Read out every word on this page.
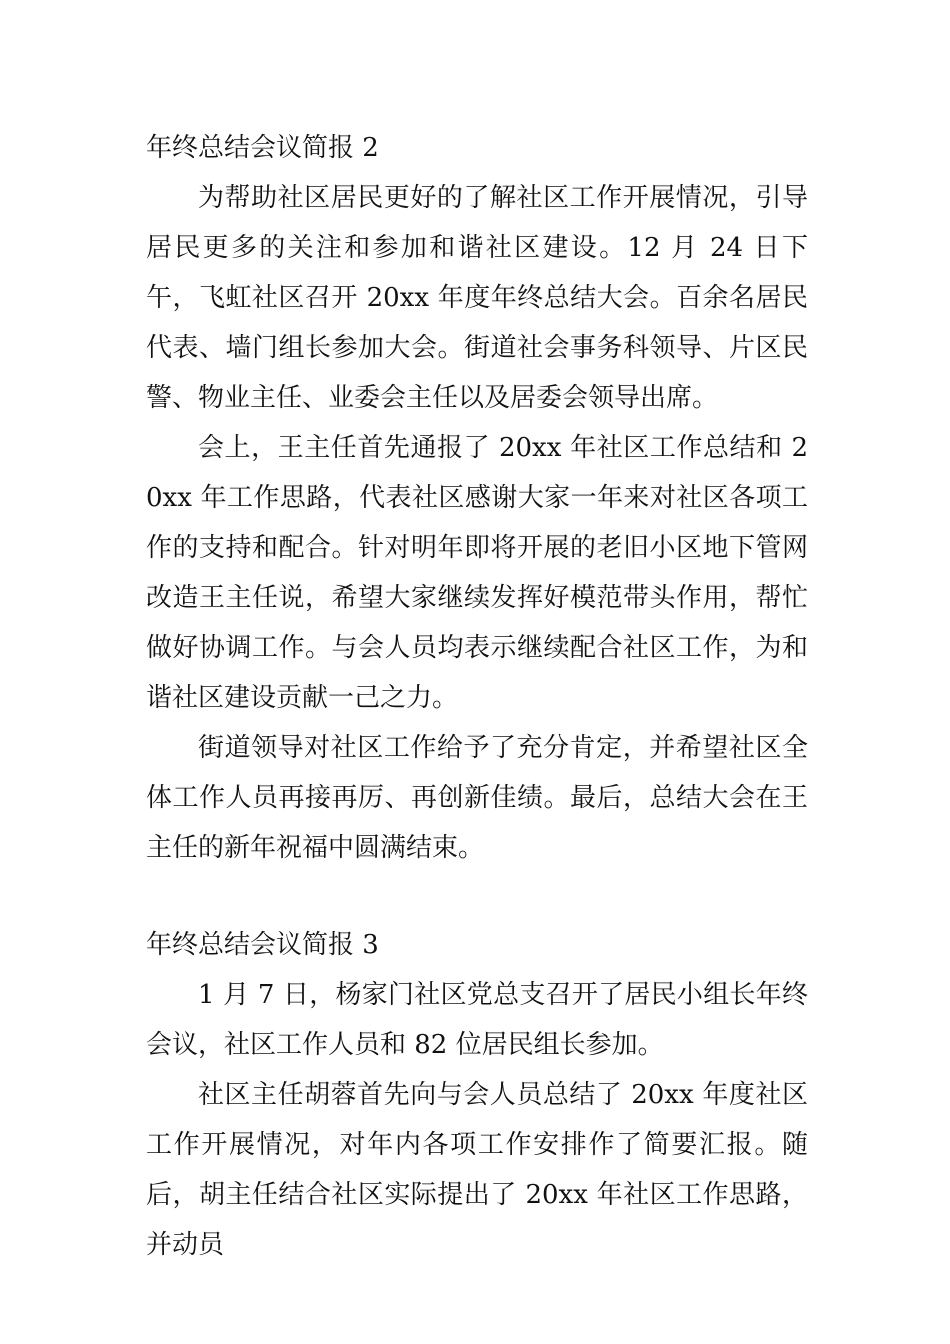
年终总结会议简报 2

为帮助社区居民更好的了解社区工作开展情况，引导居民更多的关注和参加和谐社区建设。12 月 24 日下午，飞虹社区召开 20xx 年度年终总结大会。百余名居民代表、墙门组长参加大会。街道社会事务科领导、片区民警、物业主任、业委会主任以及居委会领导出席。

会上，王主任首先通报了 20xx 年社区工作总结和 20xx 年工作思路，代表社区感谢大家一年来对社区各项工作的支持和配合。针对明年即将开展的老旧小区地下管网改造王主任说，希望大家继续发挥好模范带头作用，帮忙做好协调工作。与会人员均表示继续配合社区工作，为和谐社区建设贡献一己之力。

街道领导对社区工作给予了充分肯定，并希望社区全体工作人员再接再厉、再创新佳绩。最后，总结大会在王主任的新年祝福中圆满结束。

年终总结会议简报 3

1 月 7 日，杨家门社区党总支召开了居民小组长年终会议，社区工作人员和 82 位居民组长参加。

社区主任胡蓉首先向与会人员总结了 20xx 年度社区工作开展情况，对年内各项工作安排作了简要汇报。随后，胡主任结合社区实际提出了 20xx 年社区工作思路，并动员
